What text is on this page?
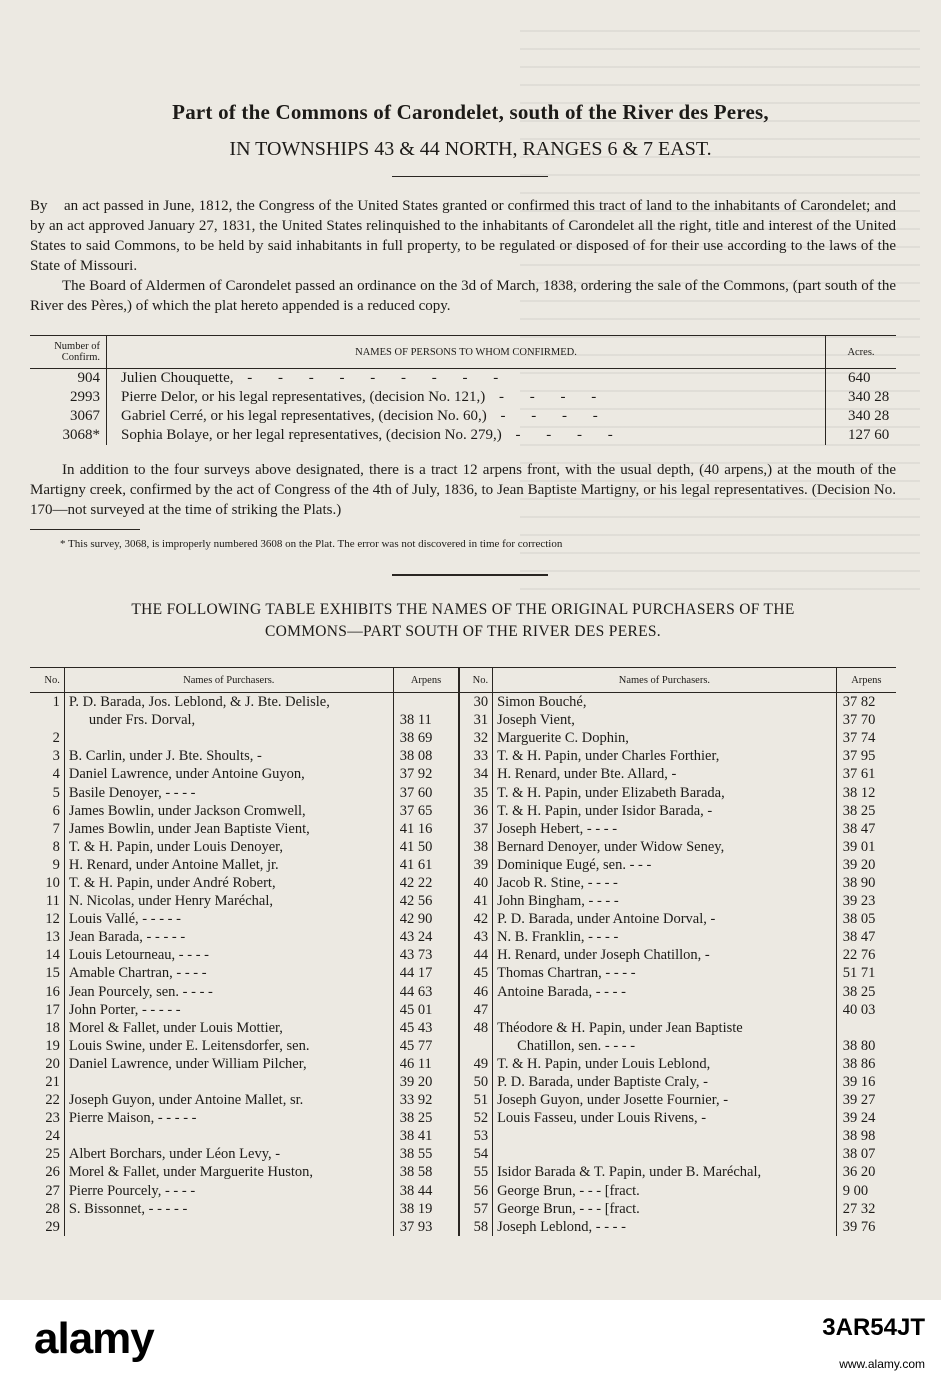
Part of the Commons of Carondelet, south of the River des Peres,
IN TOWNSHIPS 43 & 44 NORTH, RANGES 6 & 7 EAST.
By an act passed in June, 1812, the Congress of the United States granted or confirmed this tract of land to the inhabitants of Carondelet; and by an act approved January 27, 1831, the United States relinquished to the inhabitants of Carondelet all the right, title and interest of the United States to said Commons, to be held by said inhabitants in full property, to be regulated or disposed of for their use according to the laws of the State of Missouri.
The Board of Aldermen of Carondelet passed an ordinance on the 3d of March, 1838, ordering the sale of the Commons, (part south of the River des Pères,) of which the plat hereto appended is a reduced copy.
Number of Confirm.	NAMES OF PERSONS TO WHOM CONFIRMED.	Acres.
904	Julien Chouquette, - - - - - - - - -	640
2993	Pierre Delor, or his legal representatives, (decision No. 121,) - - - -	340 28
3067	Gabriel Cerré, or his legal representatives, (decision No. 60,) - - - -	340 28
3068*	Sophia Bolaye, or her legal representatives, (decision No. 279,) - - - -	127 60
In addition to the four surveys above designated, there is a tract 12 arpens front, with the usual depth, (40 arpens,) at the mouth of the Martigny creek, confirmed by the act of Congress of the 4th of July, 1836, to Jean Baptiste Martigny, or his legal representatives. (Decision No. 170—not surveyed at the time of striking the Plats.)
* This survey, 3068, is improperly numbered 3608 on the Plat. The error was not discovered in time for correction
THE FOLLOWING TABLE EXHIBITS THE NAMES OF THE ORIGINAL PURCHASERS OF THE
COMMONS—PART SOUTH OF THE RIVER DES PERES.
No.	Names of Purchasers.	Arpens	No.	Names of Purchasers.	Arpens
1	P. D. Barada, Jos. Leblond, & J. Bte. Delisle,		30	Simon Bouché,	37 82
	under Frs. Dorval,	38 11	31	Joseph Vient,	37 70
2		38 69	32	Marguerite C. Dophin,	37 74
3	B. Carlin, under J. Bte. Shoults, -	38 08	33	T. & H. Papin, under Charles Forthier,	37 95
4	Daniel Lawrence, under Antoine Guyon,	37 92	34	H. Renard, under Bte. Allard, -	37 61
5	Basile Denoyer, - - - -	37 60	35	T. & H. Papin, under Elizabeth Barada,	38 12
6	James Bowlin, under Jackson Cromwell,	37 65	36	T. & H. Papin, under Isidor Barada, -	38 25
7	James Bowlin, under Jean Baptiste Vient,	41 16	37	Joseph Hebert, - - - -	38 47
8	T. & H. Papin, under Louis Denoyer,	41 50	38	Bernard Denoyer, under Widow Seney,	39 01
9	H. Renard, under Antoine Mallet, jr.	41 61	39	Dominique Eugé, sen. - - -	39 20
10	T. & H. Papin, under André Robert,	42 22	40	Jacob R. Stine, - - - -	38 90
11	N. Nicolas, under Henry Maréchal,	42 56	41	John Bingham, - - - -	39 23
12	Louis Vallé, - - - - -	42 90	42	P. D. Barada, under Antoine Dorval, -	38 05
13	Jean Barada, - - - - -	43 24	43	N. B. Franklin, - - - -	38 47
14	Louis Letourneau, - - - -	43 73	44	H. Renard, under Joseph Chatillon, -	22 76
15	Amable Chartran, - - - -	44 17	45	Thomas Chartran, - - - -	51 71
16	Jean Pourcely, sen. - - - -	44 63	46	Antoine Barada, - - - -	38 25
17	John Porter, - - - - -	45 01	47		40 03
18	Morel & Fallet, under Louis Mottier,	45 43	48	Théodore & H. Papin, under Jean Baptiste	
19	Louis Swine, under E. Leitensdorfer, sen.	45 77		Chatillon, sen. - - - -	38 80
20	Daniel Lawrence, under William Pilcher,	46 11	49	T. & H. Papin, under Louis Leblond,	38 86
21		39 20	50	P. D. Barada, under Baptiste Craly, -	39 16
22	Joseph Guyon, under Antoine Mallet, sr.	33 92	51	Joseph Guyon, under Josette Fournier, -	39 27
23	Pierre Maison, - - - - -	38 25	52	Louis Fasseu, under Louis Rivens, -	39 24
24		38 41	53		38 98
25	Albert Borchars, under Léon Levy, -	38 55	54		38 07
26	Morel & Fallet, under Marguerite Huston,	38 58	55	Isidor Barada & T. Papin, under B. Maréchal,	36 20
27	Pierre Pourcely, - - - -	38 44	56	George Brun, - - - [fract.	9 00
28	S. Bissonnet, - - - - -	38 19	57	George Brun, - - - [fract.	27 32
29		37 93	58	Joseph Leblond, - - - -	39 76
alamy	3AR54JT
www.alamy.com
